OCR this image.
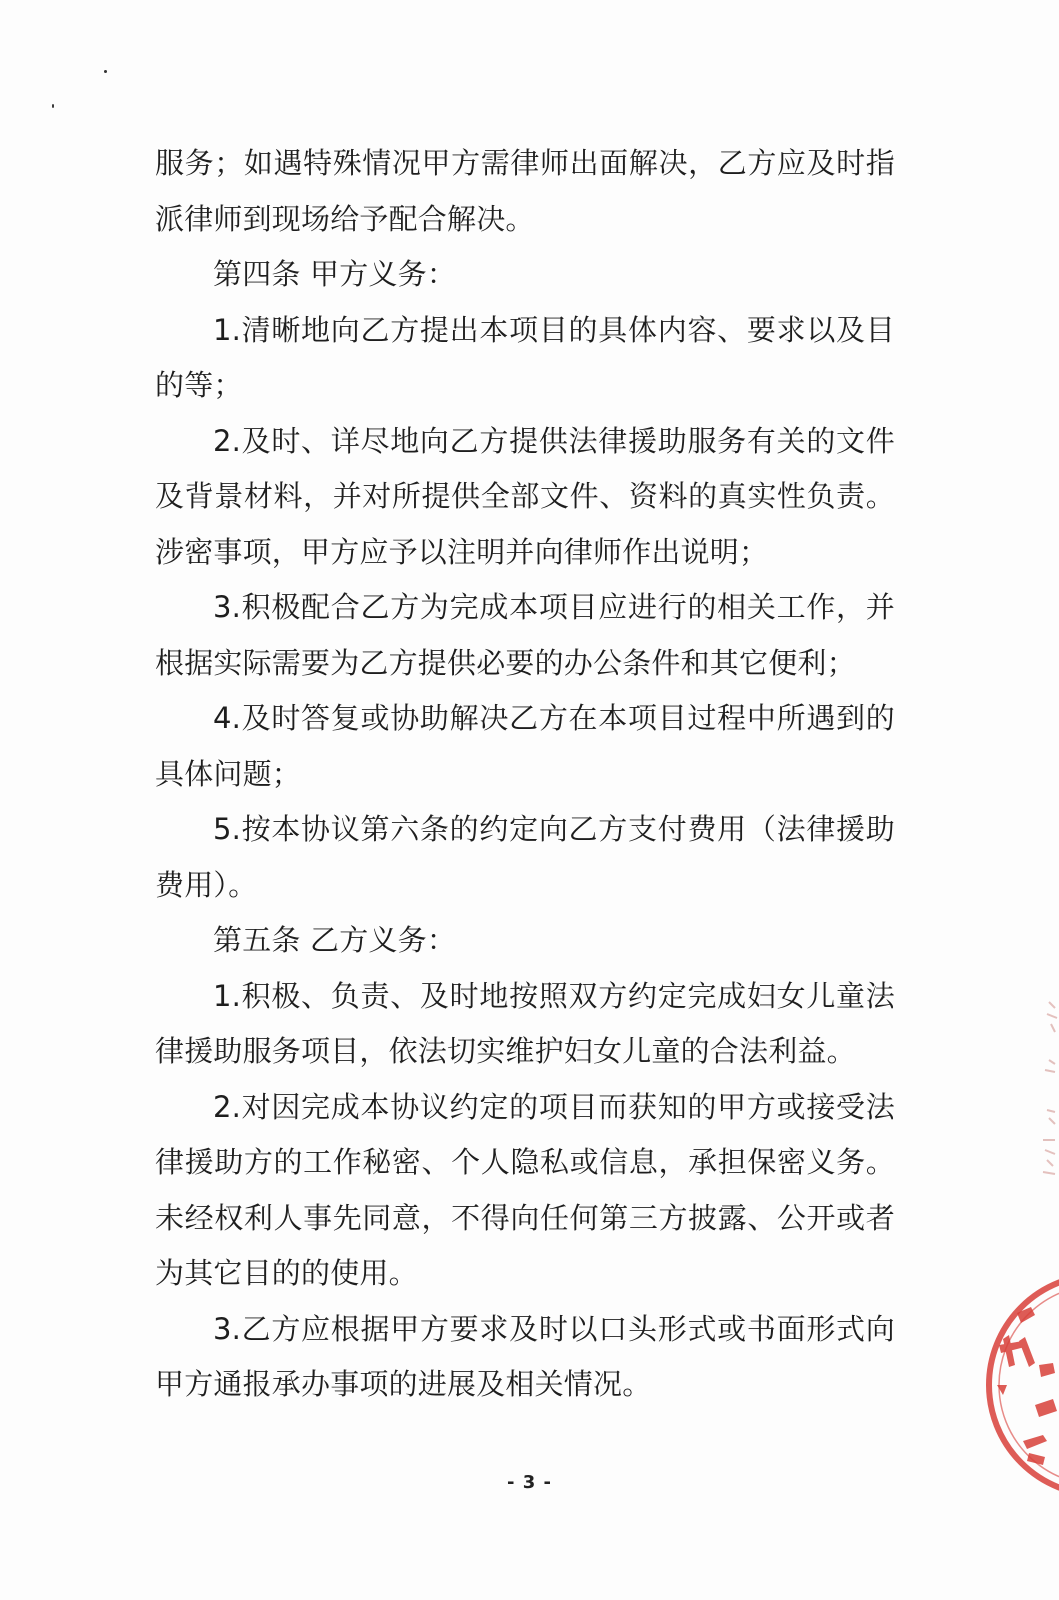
服务；如遇特殊情况甲方需律师出面解决，乙方应及时指派律师到现场给予配合解决。

第四条 甲方义务：

1.清晰地向乙方提出本项目的具体内容、要求以及目的等；

2.及时、详尽地向乙方提供法律援助服务有关的文件及背景材料，并对所提供全部文件、资料的真实性负责。涉密事项，甲方应予以注明并向律师作出说明；

3.积极配合乙方为完成本项目应进行的相关工作，并根据实际需要为乙方提供必要的办公条件和其它便利；

4.及时答复或协助解决乙方在本项目过程中所遇到的具体问题；

5.按本协议第六条的约定向乙方支付费用（法律援助费用）。

第五条 乙方义务：

1.积极、负责、及时地按照双方约定完成妇女儿童法律援助服务项目，依法切实维护妇女儿童的合法利益。

2.对因完成本协议约定的项目而获知的甲方或接受法律援助方的工作秘密、个人隐私或信息，承担保密义务。未经权利人事先同意，不得向任何第三方披露、公开或者为其它目的的使用。

3.乙方应根据甲方要求及时以口头形式或书面形式向甲方通报承办事项的进展及相关情况。

- 3 -
